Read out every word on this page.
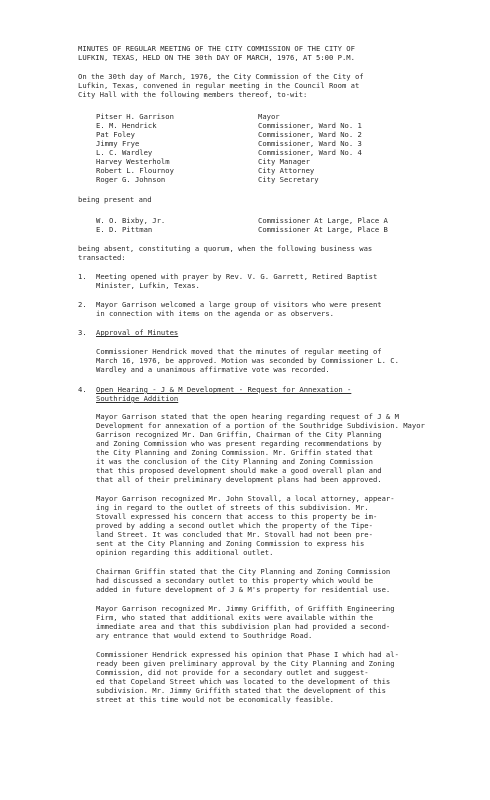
MINUTES OF REGULAR MEETING OF THE CITY COMMISSION OF THE CITY OF
LUFKIN, TEXAS, HELD ON THE 30th DAY OF MARCH, 1976, AT 5:00 P.M.
On the 30th day of March, 1976, the City Commission of the City of
Lufkin, Texas, convened in regular meeting in the Council Room at
City Hall with the following members thereof, to-wit:
Pitser H. Garrison	Mayor
E. M. Hendrick	Commissioner, Ward No. 1
Pat Foley	Commissioner, Ward No. 2
Jimmy Frye	Commissioner, Ward No. 3
L. C. Wardley	Commissioner, Ward No. 4
Harvey Westerholm	City Manager
Robert L. Flournoy	City Attorney
Roger G. Johnson	City Secretary
being present and
W. O. Bixby, Jr.	Commissioner At Large, Place A
E. D. Pittman	Commissioner At Large, Place B
being absent, constituting a quorum, when the following business was
transacted:
1. Meeting opened with prayer by Rev. V. G. Garrett, Retired Baptist
Minister, Lufkin, Texas.
2. Mayor Garrison welcomed a large group of visitors who were present
in connection with items on the agenda or as observers.
3. Approval of Minutes
Commissioner Hendrick moved that the minutes of regular meeting of
March 16, 1976, be approved. Motion was seconded by Commissioner L. C.
Wardley and a unanimous affirmative vote was recorded.
4. Open Hearing - J & M Development - Request for Annexation -
Southridge Addition
Mayor Garrison stated that the open hearing regarding request of J & M
Development for annexation of a portion of the Southridge Subdivision. Mayor
Garrison recognized Mr. Dan Griffin, Chairman of the City Planning
and Zoning Commission who was present regarding recommendations by
the City Planning and Zoning Commission. Mr. Griffin stated that
it was the conclusion of the City Planning and Zoning Commission
that this proposed development should make a good overall plan and
that all of their preliminary development plans had been approved.
Mayor Garrison recognized Mr. John Stovall, a local attorney, appear-
ing in regard to the outlet of streets of this subdivision. Mr.
Stovall expressed his concern that access to this property be im-
proved by adding a second outlet which the property of the Tipe-
land Street. It was concluded that Mr. Stovall had not been pre-
sent at the City Planning and Zoning Commission to express his
opinion regarding this additional outlet.
Chairman Griffin stated that the City Planning and Zoning Commission
had discussed a secondary outlet to this property which would be
added in future development of J & M's property for residential use.
Mayor Garrison recognized Mr. Jimmy Griffith, of Griffith Engineering
Firm, who stated that additional exits were available within the
immediate area and that this subdivision plan had provided a second-
ary entrance that would extend to Southridge Road.
Commissioner Hendrick expressed his opinion that Phase I which had al-
ready been given preliminary approval by the City Planning and Zoning
Commission, did not provide for a secondary outlet and suggest-
ed that Copeland Street which was located to the development of this
subdivision. Mr. Jimmy Griffith stated that the development of this
street at this time would not be economically feasible.
